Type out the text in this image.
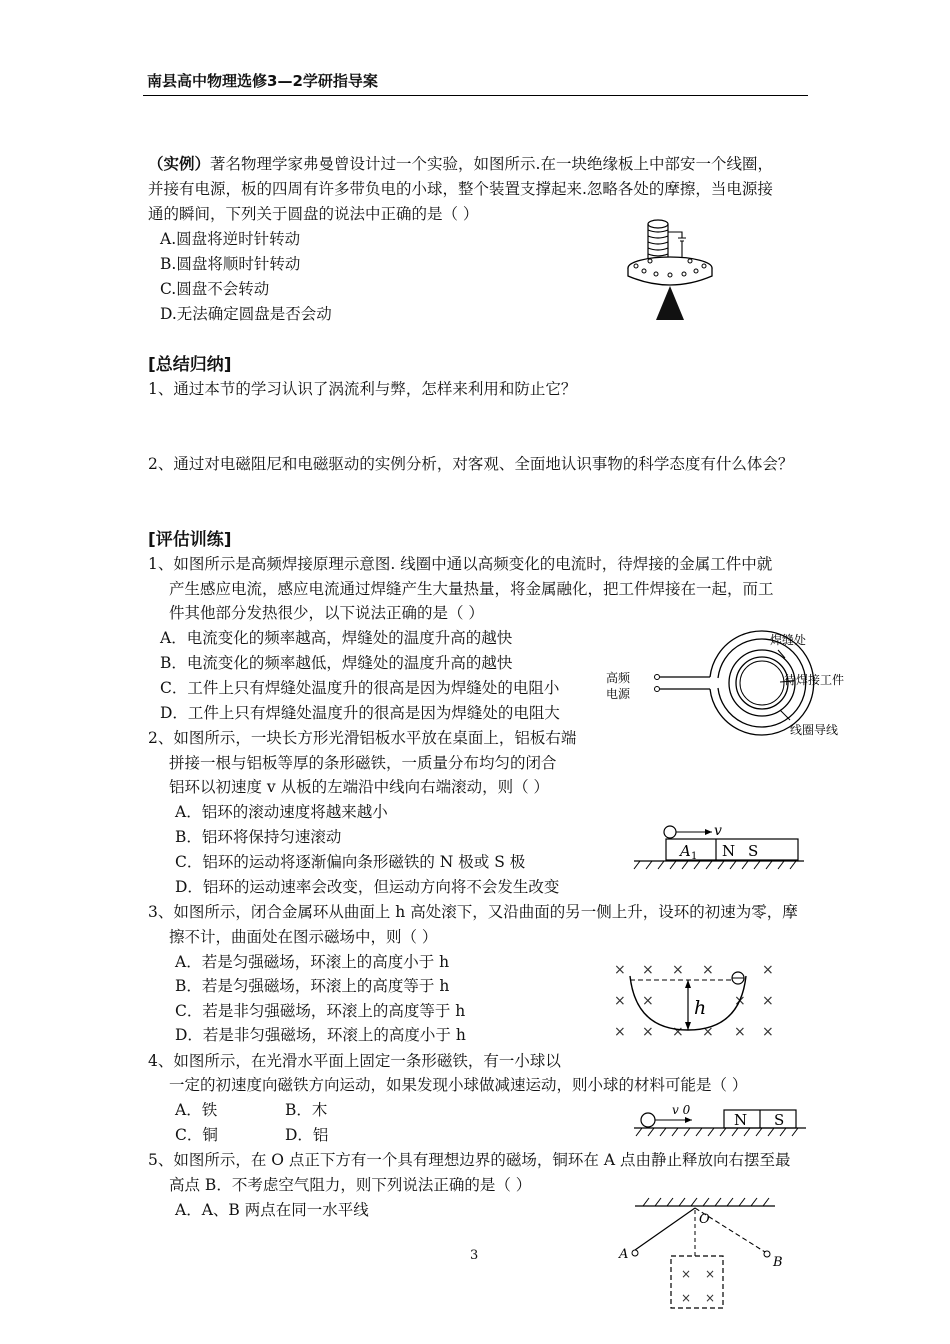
南县高中物理选修3—2学研指导案
（实例）著名物理学家弗曼曾设计过一个实验，如图所示.在一块绝缘板上中部安一个线圈，
并接有电源，板的四周有许多带负电的小球，整个装置支撑起来.忽略各处的摩擦，当电源接
通的瞬间，下列关于圆盘的说法中正确的是（ ）
A.圆盘将逆时针转动
B.圆盘将顺时针转动
C.圆盘不会转动
D.无法确定圆盘是否会动
[总结归纳]
1、通过本节的学习认识了涡流利与弊，怎样来利用和防止它？
2、通过对电磁阻尼和电磁驱动的实例分析，对客观、全面地认识事物的科学态度有什么体会？
[评估训练]
1、如图所示是高频焊接原理示意图. 线圈中通以高频变化的电流时，待焊接的金属工件中就
产生感应电流，感应电流通过焊缝产生大量热量，将金属融化，把工件焊接在一起，而工
件其他部分发热很少，以下说法正确的是（ ）
A．电流变化的频率越高，焊缝处的温度升高的越快
B．电流变化的频率越低，焊缝处的温度升高的越快
C．工件上只有焊缝处温度升的很高是因为焊缝处的电阻小
D．工件上只有焊缝处温度升的很高是因为焊缝处的电阻大
高频
电源
焊缝处
待焊接工件
线圈导线
2、如图所示，一块长方形光滑铝板水平放在桌面上，铝板右端
拼接一根与铝板等厚的条形磁铁，一质量分布均匀的闭合
铝环以初速度 v 从板的左端沿中线向右端滚动，则（ ）
A．铝环的滚动速度将越来越小
B．铝环将保持匀速滚动
C．铝环的运动将逐渐偏向条形磁铁的 N 极或 S 极
D．铝环的运动速率会改变，但运动方向将不会发生改变
v
A 1 N S
3、如图所示，闭合金属环从曲面上 h 高处滚下，又沿曲面的另一侧上升，设环的初速为零，摩
擦不计，曲面处在图示磁场中，则（ ）
A．若是匀强磁场，环滚上的高度小于 h
B．若是匀强磁场，环滚上的高度等于 h
C．若是非匀强磁场，环滚上的高度等于 h
D．若是非匀强磁场，环滚上的高度小于 h
× × × ×	×
× ×	× ×
× × × × × ×
h
4、如图所示，在光滑水平面上固定一条形磁铁，有一小球以
一定的初速度向磁铁方向运动，如果发现小球做减速运动，则小球的材料可能是（ ）
A．铁	B．木
C．铜	D．铝
v 0
N S
5、如图所示，在 O 点正下方有一个具有理想边界的磁场，铜环在 A 点由静止释放向右摆至最
高点 B．不考虑空气阻力，则下列说法正确的是（ ）
A．A、B 两点在同一水平线
O
A
B
× ×
× ×
3
